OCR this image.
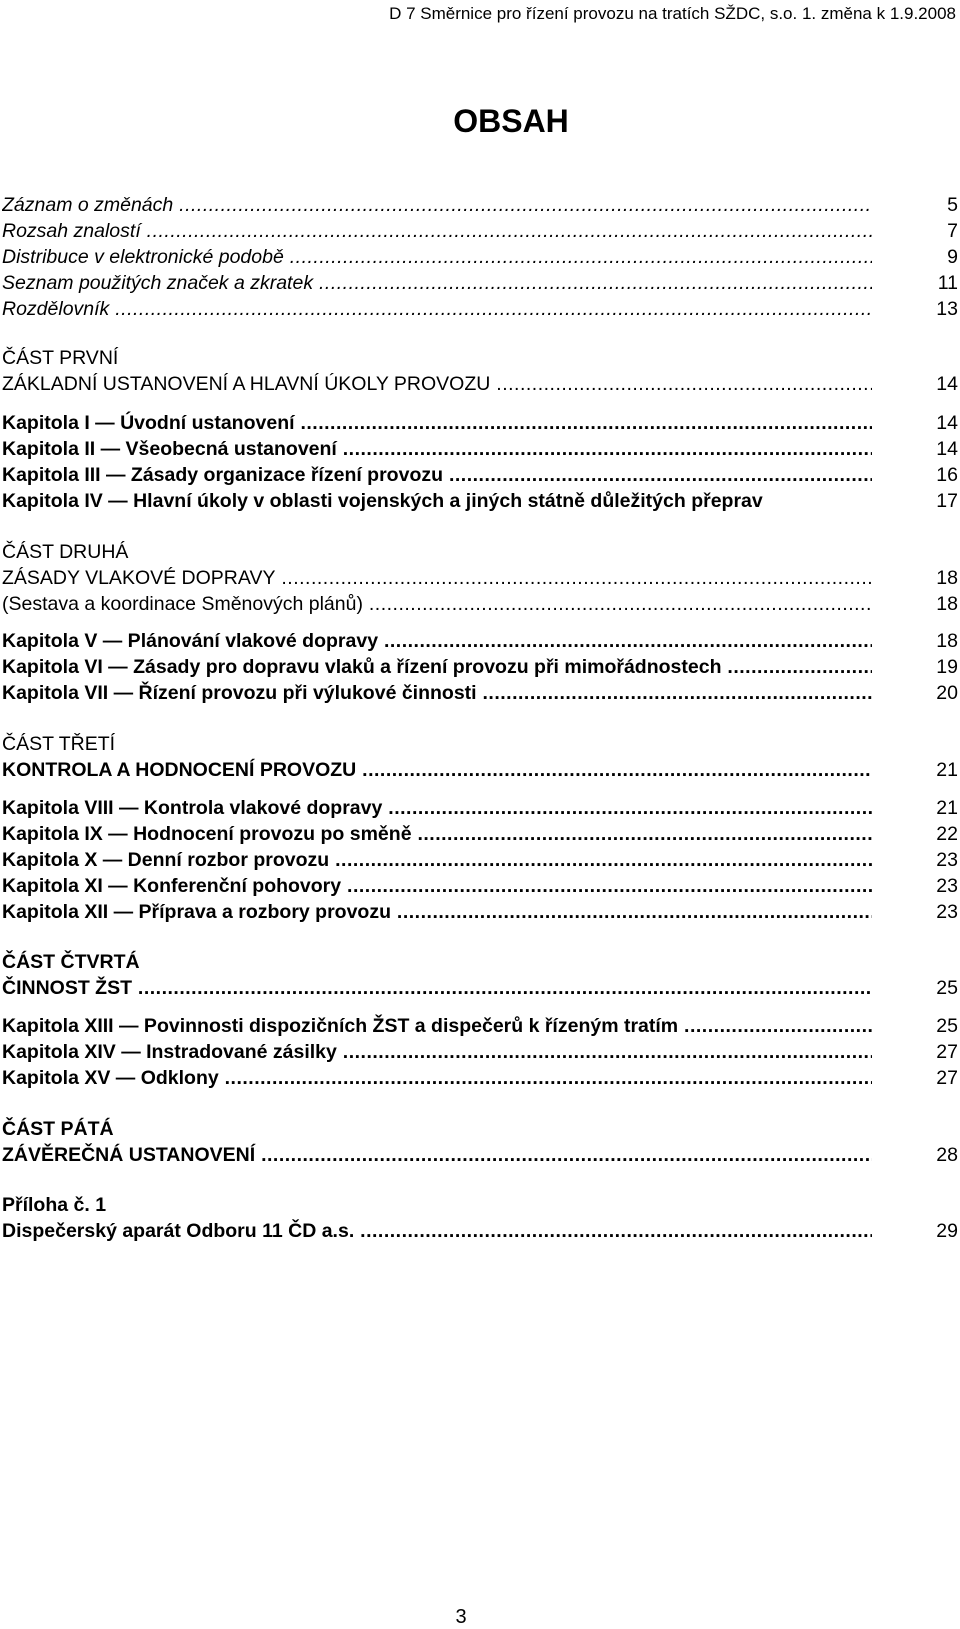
D 7 Směrnice pro řízení provozu na tratích SŽDC, s.o. 1. změna k 1.9.2008
OBSAH
Záznam o změnách .....	5
Rozsah znalostí .....	7
Distribuce v elektronické podobě .....	9
Seznam použitých značek a zkratek .....	11
Rozdělovník .....	13
ZÁKLADNÍ USTANOVENÍ A HLAVNÍ ÚKOLY PROVOZU .....	14
Kapitola I ― Úvodní ustanovení .....	14
Kapitola II ― Všeobecná ustanovení .....	14
Kapitola III ― Zásady organizace řízení provozu .....	16
Kapitola IV ― Hlavní úkoly v oblasti vojenských a jiných státně důležitých přeprav	17
ZÁSADY VLAKOVÉ DOPRAVY .....	18
(Sestava a koordinace Směnových plánů) .....	18
Kapitola V ― Plánování vlakové dopravy .....	18
Kapitola VI ― Zásady pro dopravu vlaků a řízení provozu při mimořádnostech .....	19
Kapitola VII ― Řízení provozu při výlukové činnosti .....	20
KONTROLA A HODNOCENÍ PROVOZU .....	21
Kapitola VIII ― Kontrola vlakové dopravy .....	21
Kapitola IX ― Hodnocení provozu po směně .....	22
Kapitola X ― Denní rozbor provozu .....	23
Kapitola XI ― Konferenční pohovory .....	23
Kapitola XII ― Příprava a rozbory provozu .....	23
ČINNOST ŽST .....	25
Kapitola XIII ― Povinnosti dispozičních ŽST a dispečerů k řízeným tratím .....	25
Kapitola XIV ― Instradované zásilky .....	27
Kapitola XV ― Odklony .....	27
ZÁVĚREČNÁ USTANOVENÍ .....	28
Dispečerský aparát Odboru 11 ČD a.s. .....	29
ČÁST PRVNÍ
ČÁST DRUHÁ
ČÁST TŘETÍ
ČÁST ČTVRTÁ
ČÁST PÁTÁ
Příloha č. 1
3
